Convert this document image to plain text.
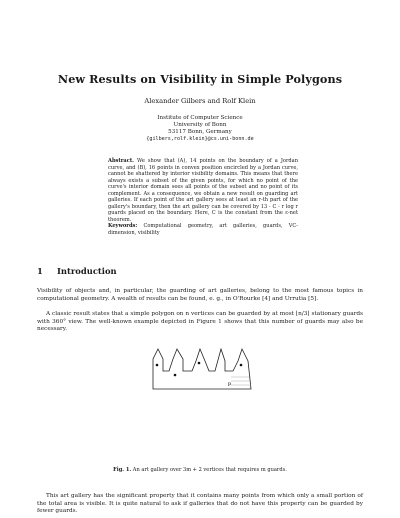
New Results on Visibility in Simple Polygons
Alexander Gilbers and Rolf Klein
Institute of Computer Science
University of Bonn
53117 Bonn, Germany
{gilbers,rolf.klein}@cs.uni-bonn.de
Abstract. We show that (A), 14 points on the boundary of a Jordan curve, and (B), 16 points in convex position encircled by a Jordan curve, cannot be shattered by interior visibility domains. This means that there always exists a subset of the given points, for which no point of the curve's interior domain sees all points of the subset and no point of its complement. As a consequence, we obtain a new result on guarding art galleries. If each point of the art gallery sees at least an r-th part of the gallery's boundary, then the art gallery can be covered by 13 · C · r log r guards placed on the boundary. Here, C is the constant from the ε-net theorem.
Keywords: Computational geometry, art galleries, guards, VC-dimension, visibility
1 Introduction
Visibility of objects and, in particular, the guarding of art galleries, belong to the most famous topics in computational geometry. A wealth of results can be found, e. g., in O'Rourke [4] and Urrutia [5].
A classic result states that a simple polygon on n vertices can be guarded by at most ⌊n/3⌋ stationary guards with 360° view. The well-known example depicted in Figure 1 shows that this number of guards may also be necessary.
p
Fig. 1. An art gallery over 3m + 2 vertices that requires m guards.
This art gallery has the significant property that it contains many points from which only a small portion of the total area is visible. It is quite natural to ask if galleries that do not have this property can be guarded by fewer guards.
